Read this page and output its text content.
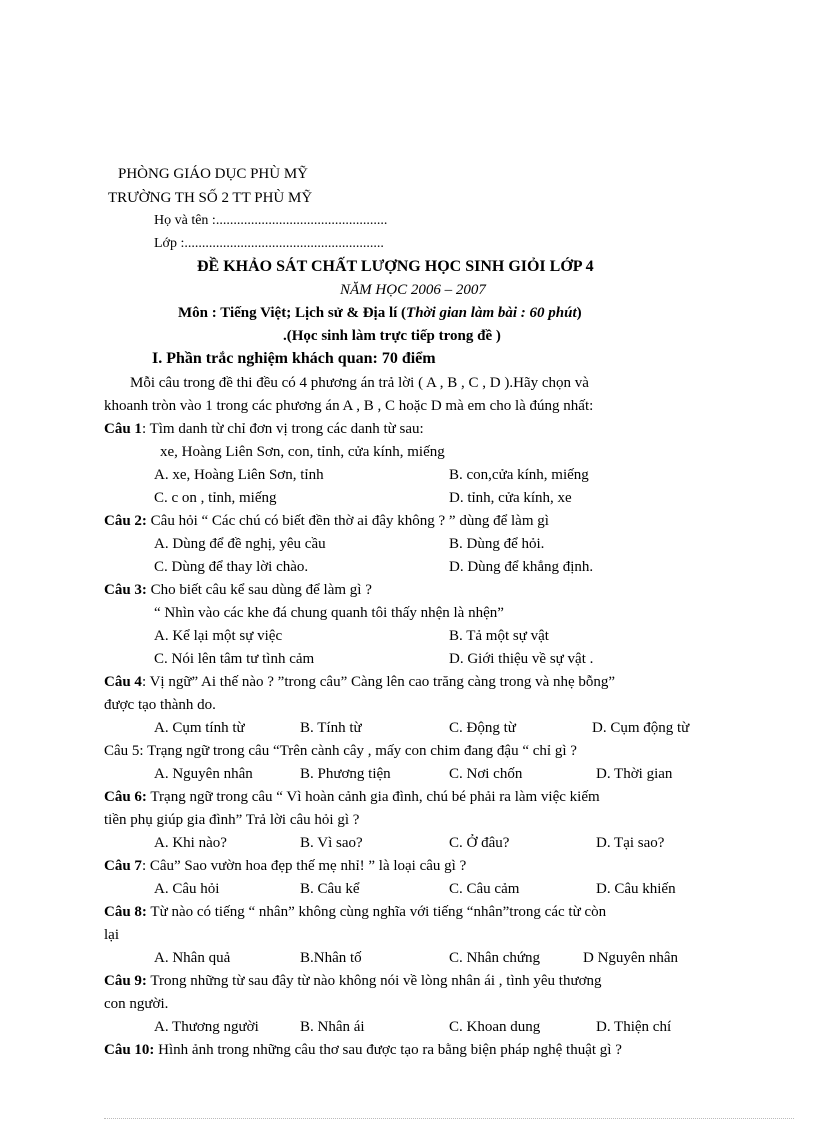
PHÒNG GIÁO DỤC PHÙ MỸ
TRƯỜNG TH SỐ 2 TT PHÙ MỸ
Họ và tên :.................................................
Lớp :.........................................................
ĐỀ KHẢO SÁT CHẤT LƯỢNG HỌC SINH GIỎI LỚP 4
NĂM HỌC 2006 – 2007
Môn : Tiếng Việt; Lịch sử & Địa lí (Thời gian làm bài : 60 phút)
.(Học sinh làm trực tiếp trong đề )
I. Phần trắc nghiệm khách quan: 70 điểm
Mỗi câu trong đề thi đều có 4 phương án trả lời ( A , B , C , D ).Hãy chọn và
khoanh tròn vào 1 trong các phương án A , B , C hoặc D mà em cho là đúng nhất:
Câu 1: Tìm danh từ chỉ đơn vị trong các danh từ sau:
xe, Hoàng Liên Sơn, con, tỉnh, cửa kính, miếng
A. xe, Hoàng Liên Sơn, tỉnh	B. con,cửa kính, miếng
C. c on , tỉnh, miếng	D. tỉnh, cửa kính, xe
Câu 2: Câu hỏi “ Các chú có biết đền thờ ai đây không ? ” dùng để làm gì
A. Dùng để đề nghị, yêu cầu	B. Dùng để hỏi.
C. Dùng để thay lời chào.	D. Dùng để khẳng định.
Câu 3: Cho biết câu kể sau dùng để làm gì ?
“ Nhìn vào các khe đá chung quanh tôi thấy nhện là nhện”
A. Kể lại một sự việc	B. Tả một sự vật
C. Nói lên tâm tư tình cảm	D. Giới thiệu về sự vật .
Câu 4: Vị ngữ” Ai thế nào ? ”trong câu” Càng lên cao trăng càng trong và nhẹ bỗng”
được tạo thành do.
A. Cụm tính từ	B. Tính từ	C. Động từ	D. Cụm động từ
Câu 5: Trạng ngữ trong câu “Trên cành cây , mấy con chim đang đậu “ chỉ gì ?
A. Nguyên nhân	B. Phương tiện	C. Nơi chốn	D. Thời gian
Câu 6: Trạng ngữ trong câu “ Vì hoàn cảnh gia đình, chú bé phải ra làm việc kiếm
tiền phụ giúp gia đình” Trả lời câu hỏi gì ?
A. Khi nào?	B. Vì sao?	C. Ở đâu?	D. Tại sao?
Câu 7: Câu” Sao vườn hoa đẹp thế mẹ nhỉ! ” là loại câu gì ?
A. Câu hỏi	B. Câu kể	C. Câu cảm	D. Câu khiến
Câu 8: Từ nào có tiếng “ nhân” không cùng nghĩa với tiếng “nhân”trong các từ còn
lại
A. Nhân quả	B.Nhân tố	C. Nhân chứng	D Nguyên nhân
Câu 9: Trong những từ sau đây từ nào không nói về lòng nhân ái , tình yêu thương
con người.
A. Thương người	B. Nhân ái	C. Khoan dung	D. Thiện chí
Câu 10: Hình ảnh trong những câu thơ sau được tạo ra bằng biện pháp nghệ thuật gì ?
